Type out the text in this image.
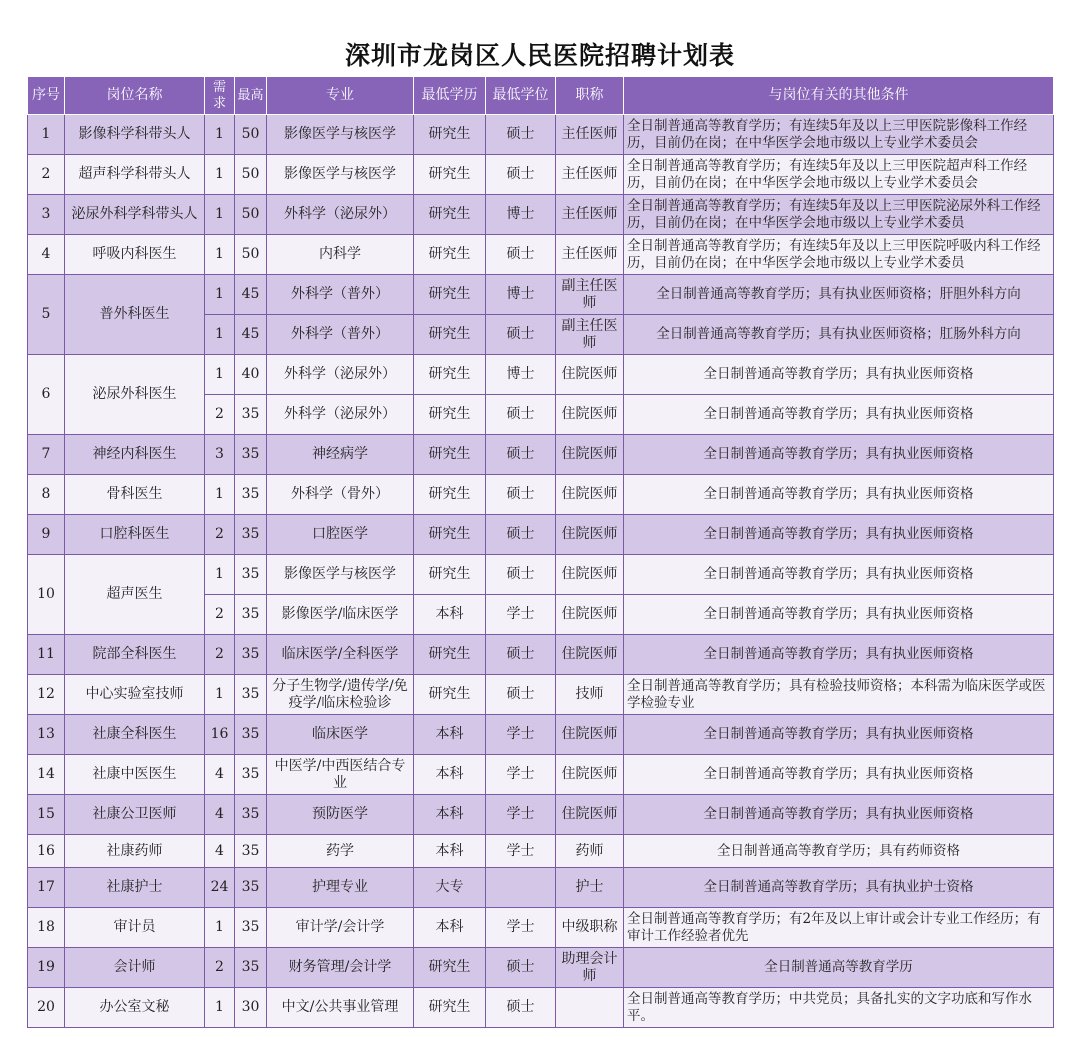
深圳市龙岗区人民医院招聘计划表
序号	岗位名称	需求	最高	专业	最低学历	最低学位	职称	与岗位有关的其他条件
1	影像科学科带头人	1	50	影像医学与核医学	研究生	硕士	主任医师	全日制普通高等教育学历；有连续5年及以上三甲医院影像科工作经历，目前仍在岗；在中华医学会地市级以上专业学术委员会
2	超声科学科带头人	1	50	影像医学与核医学	研究生	硕士	主任医师	全日制普通高等教育学历；有连续5年及以上三甲医院超声科工作经历，目前仍在岗；在中华医学会地市级以上专业学术委员会
3	泌尿外科学科带头人	1	50	外科学（泌尿外）	研究生	博士	主任医师	全日制普通高等教育学历；有连续5年及以上三甲医院泌尿外科工作经历，目前仍在岗；在中华医学会地市级以上专业学术委员
4	呼吸内科医生	1	50	内科学	研究生	硕士	主任医师	全日制普通高等教育学历；有连续5年及以上三甲医院呼吸内科工作经历，目前仍在岗；在中华医学会地市级以上专业学术委员
5	普外科医生	1	45	外科学（普外）	研究生	博士	副主任医师	全日制普通高等教育学历；具有执业医师资格；肝胆外科方向
		1	45	外科学（普外）	研究生	硕士	副主任医师	全日制普通高等教育学历；具有执业医师资格；肛肠外科方向
6	泌尿外科医生	1	40	外科学（泌尿外）	研究生	博士	住院医师	全日制普通高等教育学历；具有执业医师资格
		2	35	外科学（泌尿外）	研究生	硕士	住院医师	全日制普通高等教育学历；具有执业医师资格
7	神经内科医生	3	35	神经病学	研究生	硕士	住院医师	全日制普通高等教育学历；具有执业医师资格
8	骨科医生	1	35	外科学（骨外）	研究生	硕士	住院医师	全日制普通高等教育学历；具有执业医师资格
9	口腔科医生	2	35	口腔医学	研究生	硕士	住院医师	全日制普通高等教育学历；具有执业医师资格
10	超声医生	1	35	影像医学与核医学	研究生	硕士	住院医师	全日制普通高等教育学历；具有执业医师资格
		2	35	影像医学/临床医学	本科	学士	住院医师	全日制普通高等教育学历；具有执业医师资格
11	院部全科医生	2	35	临床医学/全科医学	研究生	硕士	住院医师	全日制普通高等教育学历；具有执业医师资格
12	中心实验室技师	1	35	分子生物学/遗传学/免疫学/临床检验诊	研究生	硕士	技师	全日制普通高等教育学历；具有检验技师资格；本科需为临床医学或医学检验专业
13	社康全科医生	16	35	临床医学	本科	学士	住院医师	全日制普通高等教育学历；具有执业医师资格
14	社康中医医生	4	35	中医学/中西医结合专业	本科	学士	住院医师	全日制普通高等教育学历；具有执业医师资格
15	社康公卫医师	4	35	预防医学	本科	学士	住院医师	全日制普通高等教育学历；具有执业医师资格
16	社康药师	4	35	药学	本科	学士	药师	全日制普通高等教育学历；具有药师资格
17	社康护士	24	35	护理专业	大专		护士	全日制普通高等教育学历；具有执业护士资格
18	审计员	1	35	审计学/会计学	本科	学士	中级职称	全日制普通高等教育学历；有2年及以上审计或会计专业工作经历；有审计工作经验者优先
19	会计师	2	35	财务管理/会计学	研究生	硕士	助理会计师	全日制普通高等教育学历
20	办公室文秘	1	30	中文/公共事业管理	研究生	硕士		全日制普通高等教育学历；中共党员；具备扎实的文字功底和写作水平。
